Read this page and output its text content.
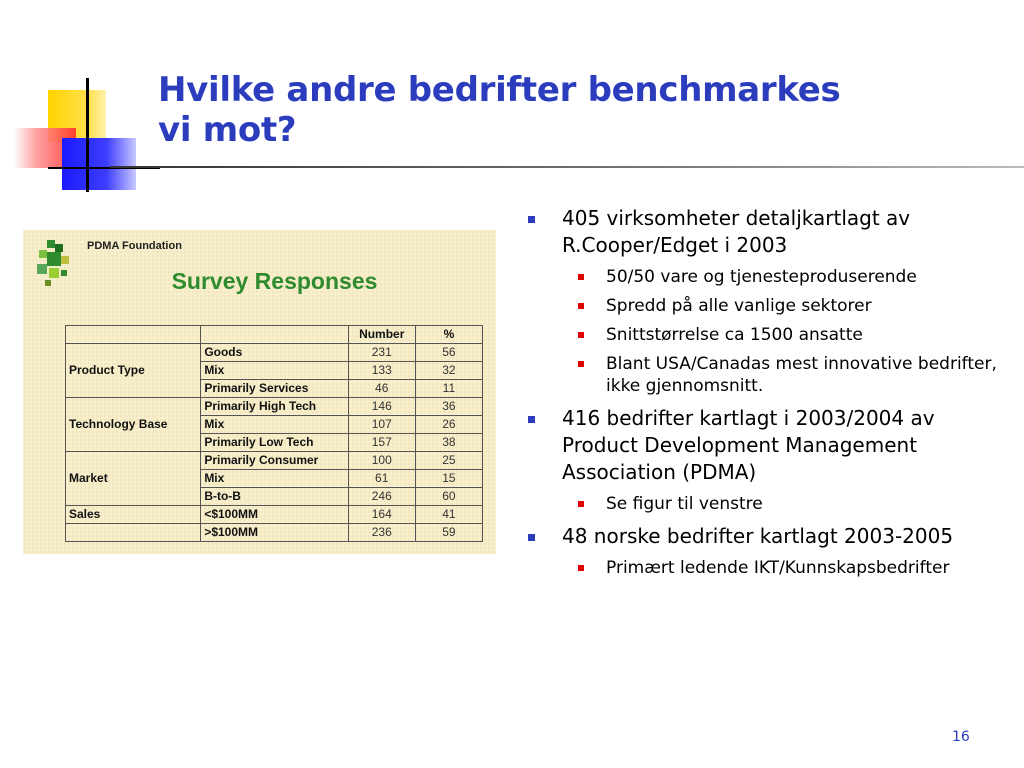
Hvilke andre bedrifter benchmarkes
vi mot?
PDMA Foundation
Survey Responses
		Number	%
Product Type	Goods	231	56
	Mix	133	32
	Primarily Services	46	11
Technology Base	Primarily High Tech	146	36
	Mix	107	26
	Primarily Low Tech	157	38
Market	Primarily Consumer	100	25
	Mix	61	15
	B-to-B	246	60
Sales	<$100MM	164	41
	>$100MM	236	59
405 virksomheter detaljkartlagt av R.Cooper/Edget i 2003
50/50 vare og tjenesteproduserende
Spredd på alle vanlige sektorer
Snittstørrelse ca 1500 ansatte
Blant USA/Canadas mest innovative bedrifter, ikke gjennomsnitt.
416 bedrifter kartlagt i 2003/2004 av Product Development Management Association (PDMA)
Se figur til venstre
48 norske bedrifter kartlagt 2003-2005
Primært ledende IKT/Kunnskapsbedrifter
16
